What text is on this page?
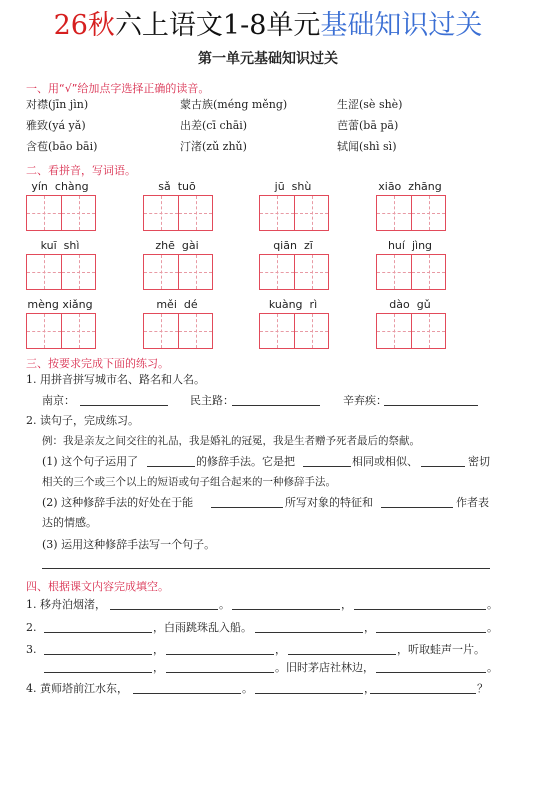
26秋六上语文1-8单元基础知识过关
第一单元基础知识过关
一、用“√”给加点字选择正确的读音。
对襟(jīn jìn)	蒙古族(méng měng)	生涩(sè shè)
雅致(yá yǎ)	出差(cī chāi)	芭蕾(bā pā)
含苞(bāo bāi)	汀渚(zǔ zhǔ)	轼闻(shì sì)
二、看拼音，写词语。
yín chàng	sǎ tuō	jū shù	xiāo zhāng
kuī shì	zhē gài	qiān zī	huí jìng
mèng xiǎng	měi dé	kuàng rì	dào gǔ
三、按要求完成下面的练习。
1. 用拼音拼写城市名、路名和人名。
南京：	民主路：	辛弃疾：
2. 读句子，完成练习。
例：我是亲友之间交往的礼品，我是婚礼的冠冕，我是生者赠予死者最后的祭献。
(1) 这个句子运用了	的修辞手法。它是把	相同或相似、	密切
相关的三个或三个以上的短语或句子组合起来的一种修辞手法。
(2) 这种修辞手法的好处在于能	所写对象的特征和	作者表
达的情感。
(3) 运用这种修辞手法写一个句子。
四、根据课文内容完成填空。
1. 移舟泊烟渚，	。	，	。
2.	，白雨跳珠乱入船。	，	。
3.	，	，	，听取蛙声一片。
，	。旧时茅店社林边，	。
4. 黄师塔前江水东，	。	，	？
